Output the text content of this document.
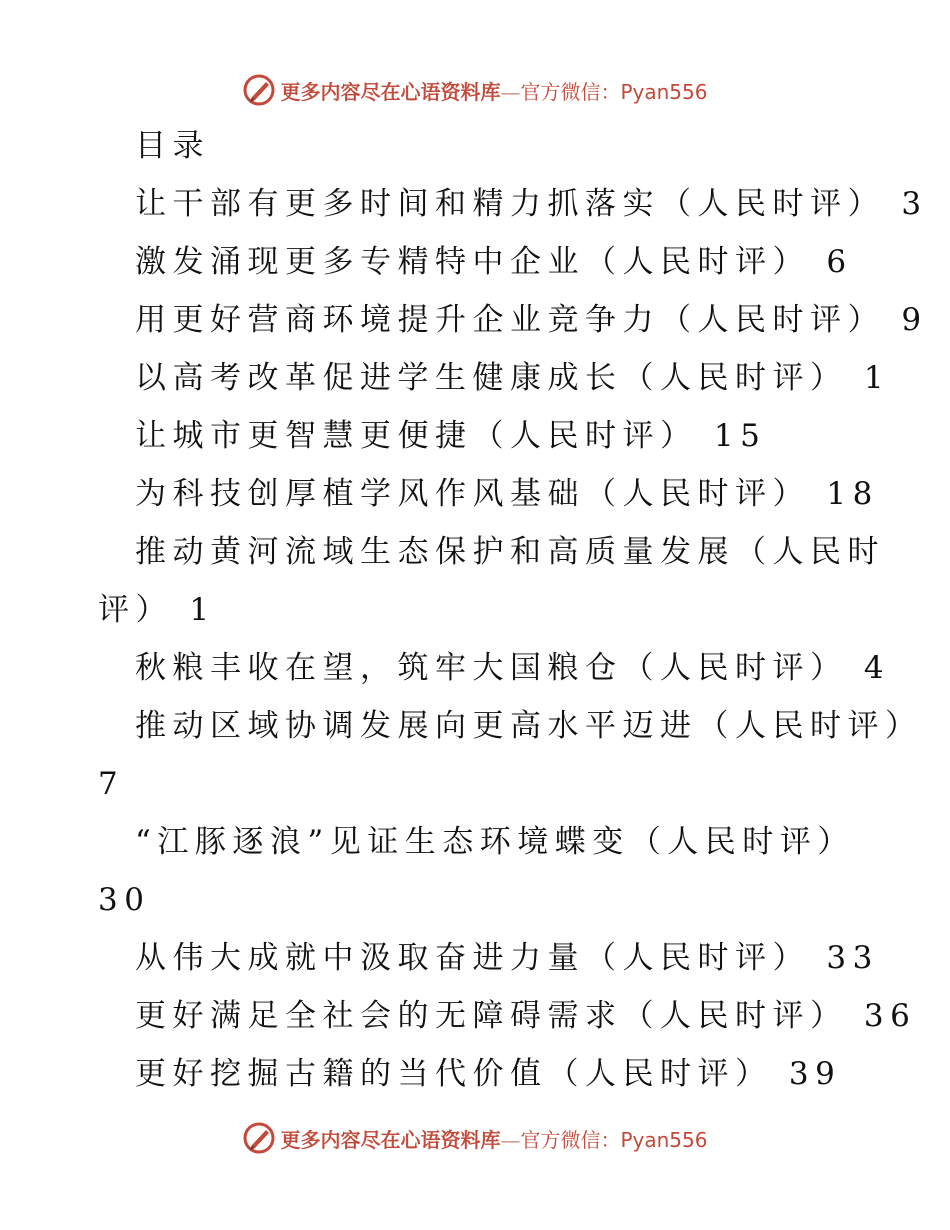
更多内容尽在心语资料库—官方微信：Pyan556
目录
让干部有更多时间和精力抓落实（人民时评） 3
激发涌现更多专精特中企业（人民时评） 6
用更好营商环境提升企业竞争力（人民时评） 9
以高考改革促进学生健康成长（人民时评） 1
让城市更智慧更便捷（人民时评） 15
为科技创厚植学风作风基础（人民时评） 18
推动黄河流域生态保护和高质量发展（人民时
评） 1
秋粮丰收在望，筑牢大国粮仓（人民时评） 4
推动区域协调发展向更高水平迈进（人民时评）
7
“江豚逐浪”见证生态环境蝶变（人民时评）
30
从伟大成就中汲取奋进力量（人民时评） 33
更好满足全社会的无障碍需求（人民时评） 36
更好挖掘古籍的当代价值（人民时评） 39
更多内容尽在心语资料库—官方微信：Pyan556
